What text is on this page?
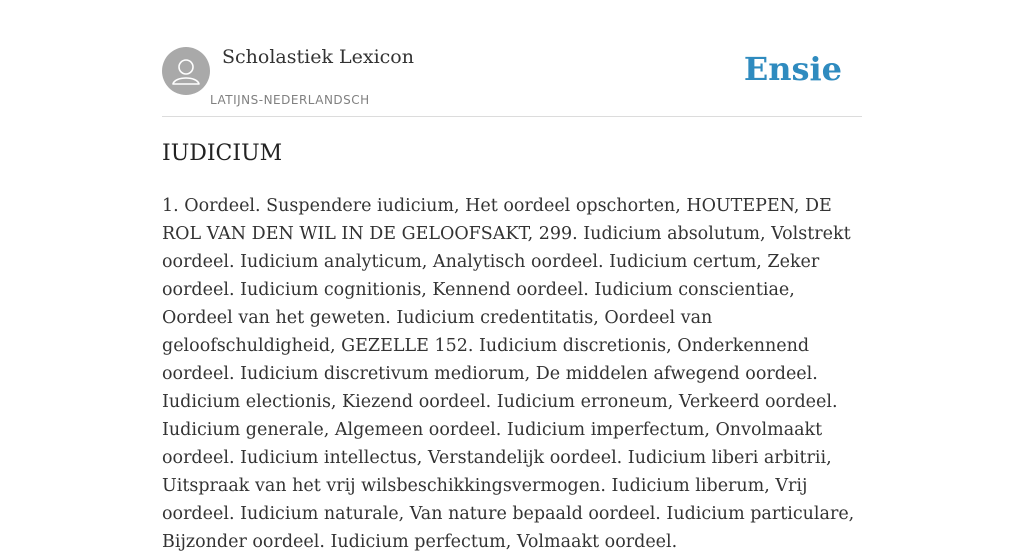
Scholastiek Lexicon
LATIJNS-NEDERLANDSCH
Ensie
IUDICIUM

1. Oordeel. Suspendere iudicium, Het oordeel opschorten, HOUTEPEN, DE ROL VAN DEN WIL IN DE GELOOFSAKT, 299. Iudicium absolutum, Volstrekt oordeel. Iudicium analyticum, Analytisch oordeel. Iudicium certum, Zeker oordeel. Iudicium cognitionis, Kennend oordeel. Iudicium conscientiae, Oordeel van het geweten. Iudicium credentitatis, Oordeel van geloofschuldigheid, GEZELLE 152. Iudicium discretionis, Onderkennend oordeel. Iudicium discretivum mediorum, De middelen afwegend oordeel. Iudicium electionis, Kiezend oordeel. Iudicium erroneum, Verkeerd oordeel. Iudicium generale, Algemeen oordeel. Iudicium imperfectum, Onvolmaakt oordeel. Iudicium intellectus, Verstandelijk oordeel. Iudicium liberi arbitrii, Uitspraak van het vrij wilsbeschikkingsvermogen. Iudicium liberum, Vrij oordeel. Iudicium naturale, Van nature bepaald oordeel. Iudicium particulare, Bijzonder oordeel. Iudicium perfectum, Volmaakt oordeel.
